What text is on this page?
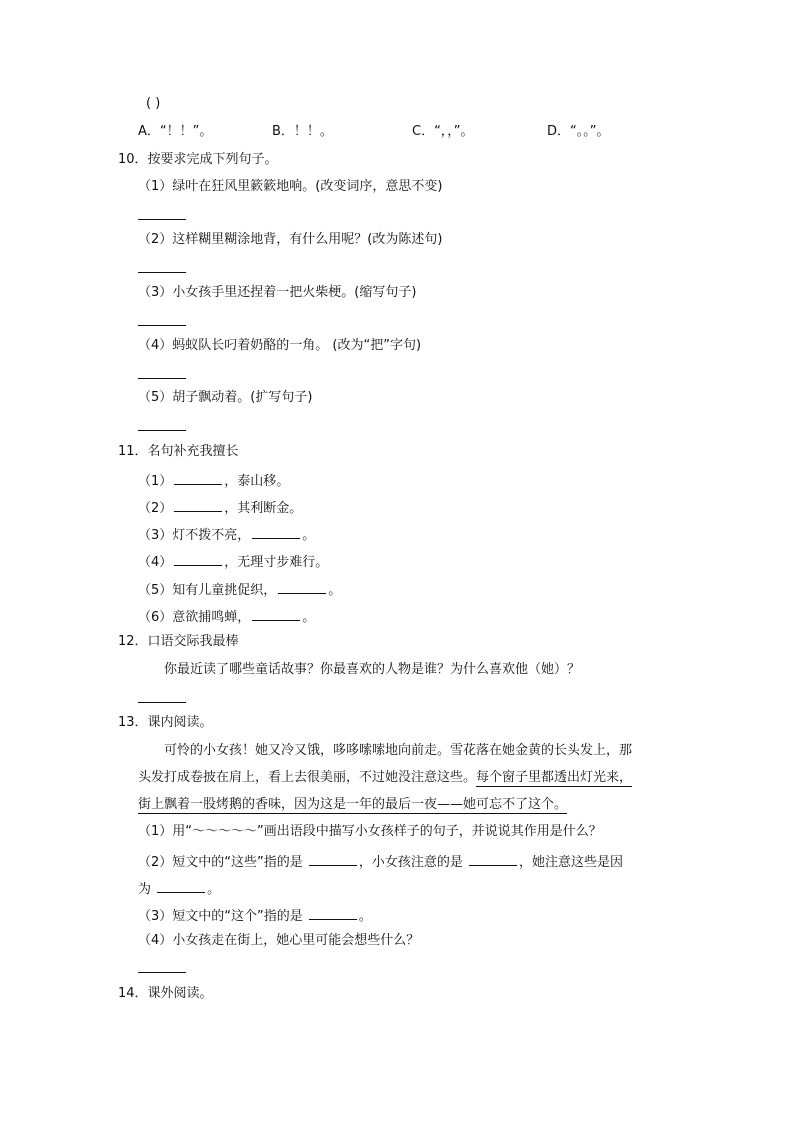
( )
A．“！！”。	B．！！。	C．“，，”。	D．“。。”。
10．按要求完成下列句子。
（1）绿叶在狂风里簌簌地响。(改变词序，意思不变)
（2）这样糊里糊涂地背，有什么用呢？(改为陈述句)
（3）小女孩手里还捏着一把火柴梗。(缩写句子)
（4）蚂蚁队长叼着奶酪的一角。 (改为“把”字句)
（5）胡子飘动着。(扩写句子)
11．名句补充我擅长
（1）	，泰山移。
（2）	，其利断金。
（3）灯不拨不亮，	。
（4）	，无理寸步难行。
（5）知有儿童挑促织，	。
（6）意欲捕鸣蝉，	。
12．口语交际我最棒
你最近读了哪些童话故事？你最喜欢的人物是谁？为什么喜欢他（她）？
13．课内阅读。
可怜的小女孩！她又冷又饿，哆哆嗦嗦地向前走。雪花落在她金黄的长头发上，那
头发打成卷披在肩上，看上去很美丽，不过她没注意这些。每个窗子里都透出灯光来，
街上飘着一股烤鹅的香味，因为这是一年的最后一夜——她可忘不了这个。
（1）用“～～～～～”画出语段中描写小女孩样子的句子，并说说其作用是什么？
（2）短文中的“这些”指的是	，小女孩注意的是	，她注意这些是因
为	。
（3）短文中的“这个”指的是	。
（4）小女孩走在街上，她心里可能会想些什么？
14．课外阅读。
